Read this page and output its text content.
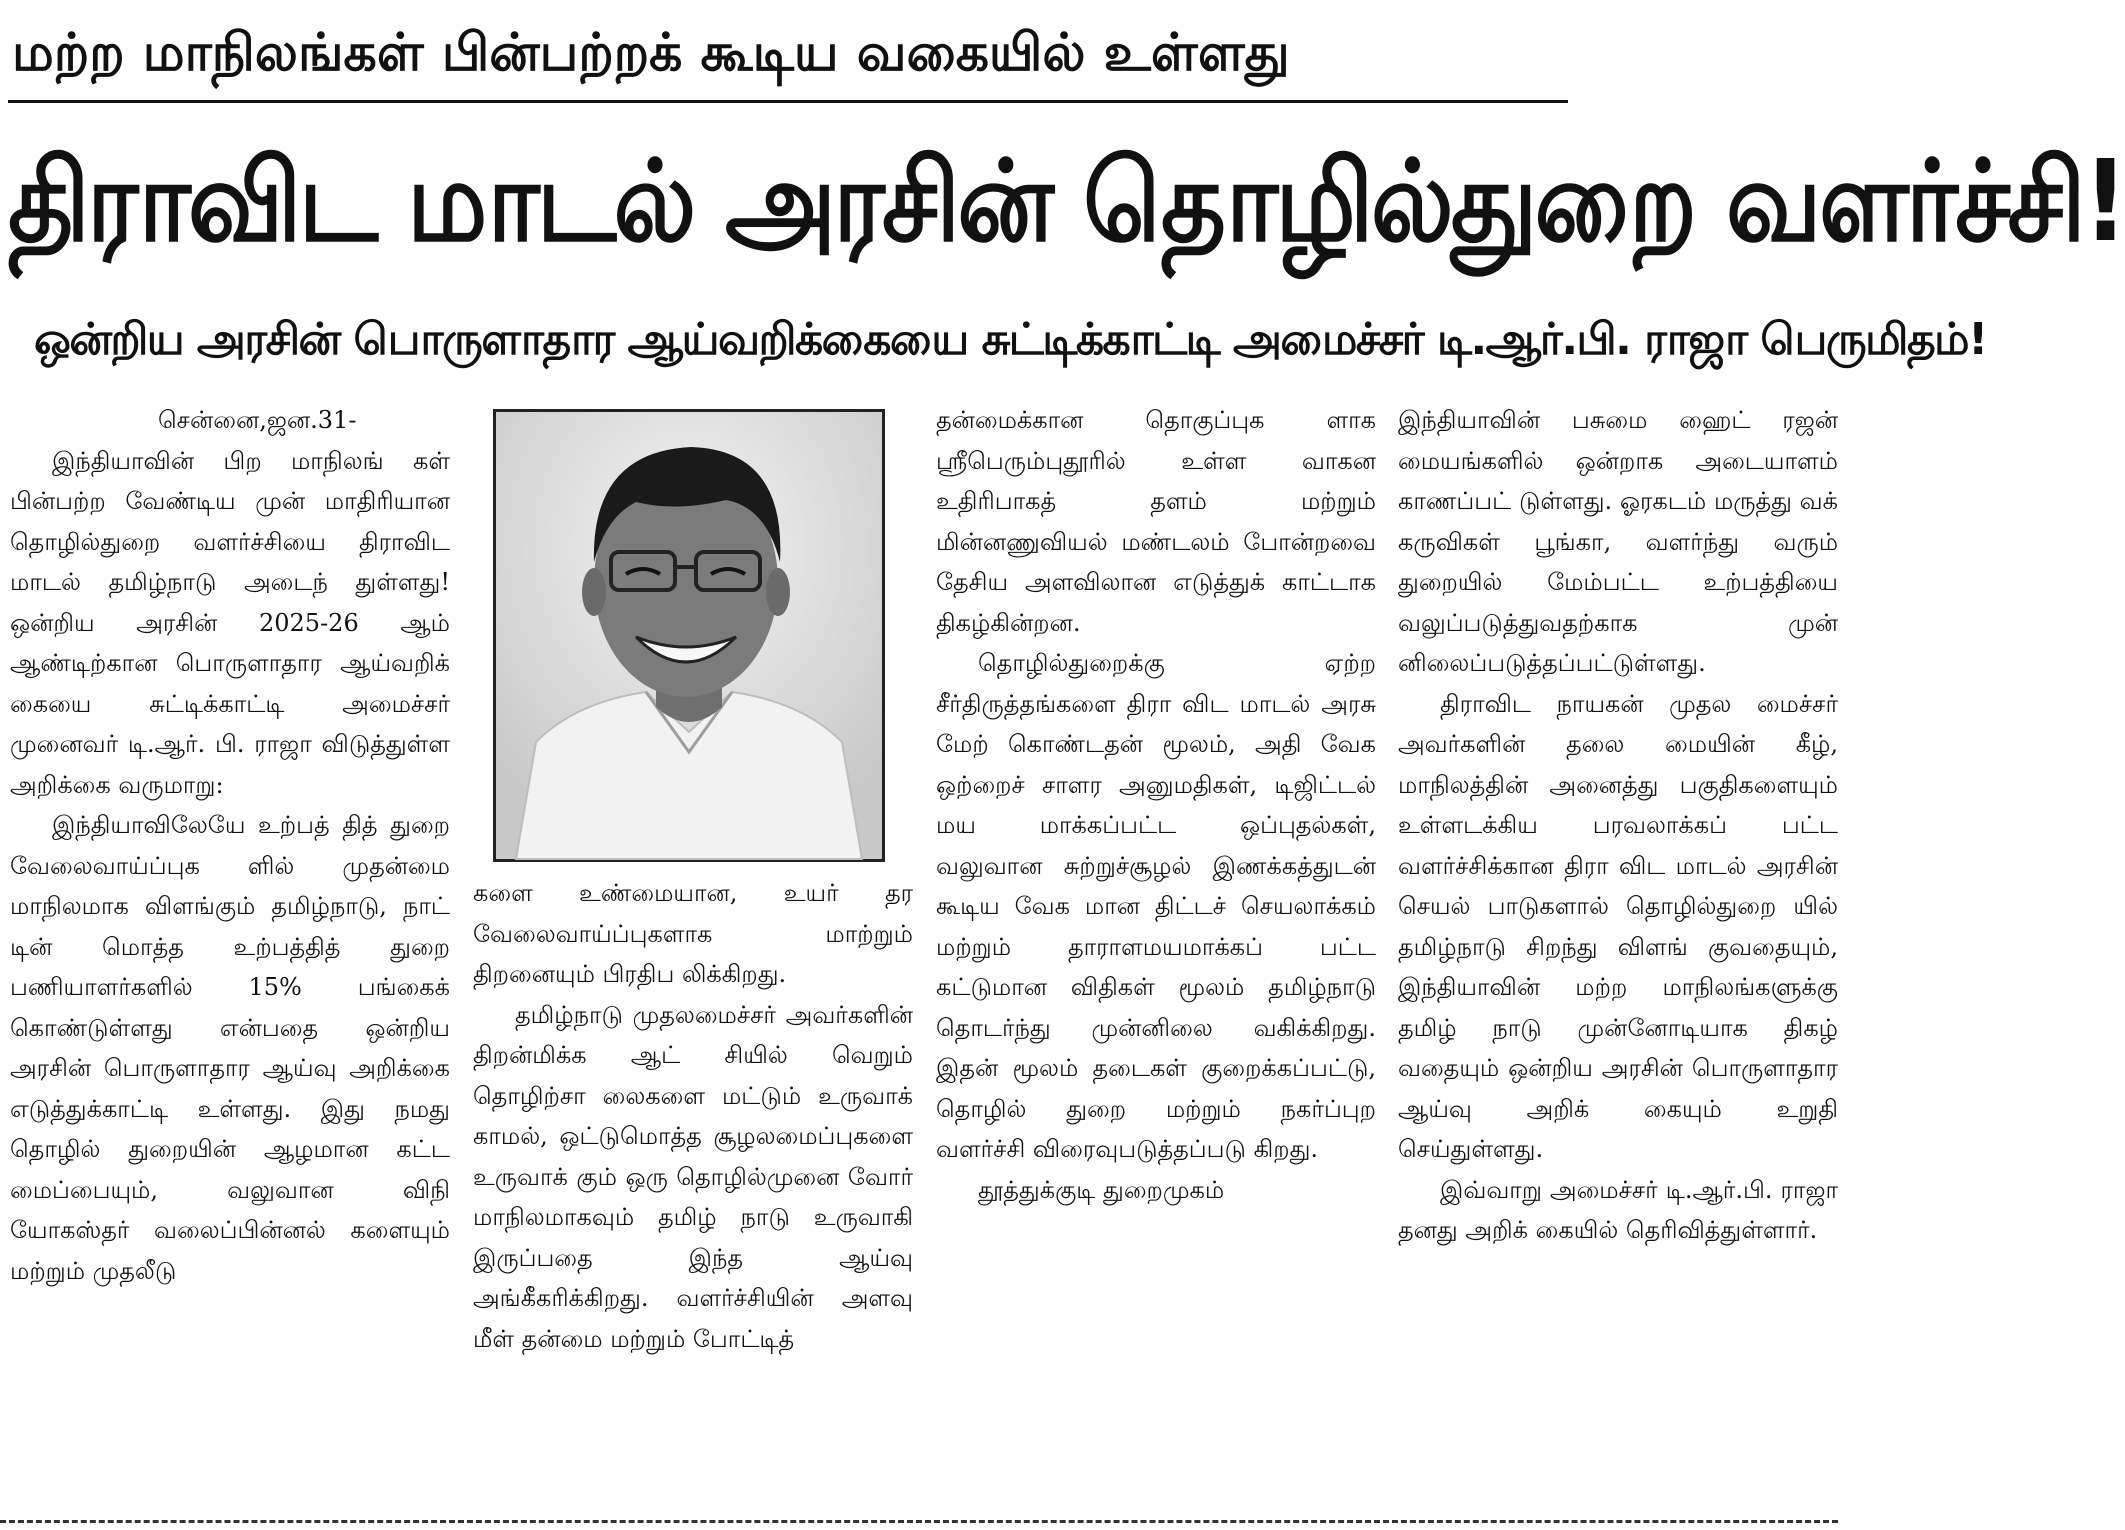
மற்ற மாநிலங்கள் பின்பற்றக் கூடிய வகையில் உள்ளது
திராவிட மாடல் அரசின் தொழில்துறை வளர்ச்சி!
ஒன்றிய அரசின் பொருளாதார ஆய்வறிக்கையை சுட்டிக்காட்டி அமைச்சர் டி.ஆர்.பி. ராஜா பெருமிதம்!

சென்னை,ஜன.31-

இந்தியாவின் பிற மாநிலங் கள் பின்பற்ற வேண்டிய முன் மாதிரியான தொழில்துறை வளர்ச்சியை திராவிட மாடல் தமிழ்நாடு அடைந் துள்ளது! ஒன்றிய அரசின் 2025-26 ஆம் ஆண்டிற்கான பொருளாதார ஆய்வறிக் கையை சுட்டிக்காட்டி அமைச்சர் முனைவர் டி.ஆர். பி. ராஜா விடுத்துள்ள அறிக்கை வருமாறு:

இந்தியாவிலேயே உற்பத் தித் துறை வேலைவாய்ப்புக ளில் முதன்மை மாநிலமாக விளங்கும் தமிழ்நாடு, நாட் டின் மொத்த உற்பத்தித் துறை பணியாளர்களில் 15% பங்கைக் கொண்டுள்ளது என்பதை ஒன்றிய அரசின் பொருளாதார ஆய்வு அறிக்கை எடுத்துக்காட்டி உள்ளது. இது நமது தொழில் துறையின் ஆழமான கட்ட மைப்பையும், வலுவான விநி யோகஸ்தர் வலைப்பின்னல் களையும் மற்றும் முதலீடு

களை உண்மையான, உயர் தர வேலைவாய்ப்புகளாக மாற்றும் திறனையும் பிரதிப லிக்கிறது.

தமிழ்நாடு முதலமைச்சர் அவர்களின் திறன்மிக்க ஆட் சியில் வெறும் தொழிற்சா லைகளை மட்டும் உருவாக் காமல், ஒட்டுமொத்த சூழலமைப்புகளை உருவாக் கும் ஒரு தொழில்முனை வோர் மாநிலமாகவும் தமிழ் நாடு உருவாகி இருப்பதை இந்த ஆய்வு அங்கீகரிக்கிறது. வளர்ச்சியின் அளவு மீள் தன்மை மற்றும் போட்டித்

தன்மைக்கான தொகுப்புக ளாக ஸ்ரீபெரும்புதூரில் உள்ள வாகன உதிரிபாகத் தளம் மற்றும் மின்னணுவியல் மண்டலம் போன்றவை தேசிய அளவிலான எடுத்துக் காட்டாக திகழ்கின்றன.

தொழில்துறைக்கு ஏற்ற சீர்திருத்தங்களை திரா விட மாடல் அரசு மேற் கொண்டதன் மூலம், அதி வேக ஒற்றைச் சாளர அனுமதிகள், டிஜிட்டல் மய மாக்கப்பட்ட ஒப்புதல்கள், வலுவான சுற்றுச்சூழல் இணக்கத்துடன் கூடிய வேக மான திட்டச் செயலாக்கம் மற்றும் தாராளமயமாக்கப் பட்ட கட்டுமான விதிகள் மூலம் தமிழ்நாடு தொடர்ந்து முன்னிலை வகிக்கிறது. இதன் மூலம் தடைகள் குறைக்கப்பட்டு, தொழில் துறை மற்றும் நகர்ப்புற வளர்ச்சி விரைவுபடுத்தப்படு கிறது.

தூத்துக்குடி துறைமுகம்

இந்தியாவின் பசுமை ஹைட் ரஜன் மையங்களில் ஒன்றாக அடையாளம் காணப்பட் டுள்ளது. ஓரகடம் மருத்து வக் கருவிகள் பூங்கா, வளர்ந்து வரும் துறையில் மேம்பட்ட உற்பத்தியை வலுப்படுத்துவதற்காக முன் னிலைப்படுத்தப்பட்டுள்ளது.

திராவிட நாயகன் முதல மைச்சர் அவர்களின் தலை மையின் கீழ், மாநிலத்தின் அனைத்து பகுதிகளையும் உள்ளடக்கிய பரவலாக்கப் பட்ட வளர்ச்சிக்கான திரா விட மாடல் அரசின் செயல் பாடுகளால் தொழில்துறை யில் தமிழ்நாடு சிறந்து விளங் குவதையும், இந்தியாவின் மற்ற மாநிலங்களுக்கு தமிழ் நாடு முன்னோடியாக திகழ் வதையும் ஒன்றிய அரசின் பொருளாதார ஆய்வு அறிக் கையும் உறுதி செய்துள்ளது.

இவ்வாறு அமைச்சர் டி.ஆர்.பி. ராஜா தனது அறிக் கையில் தெரிவித்துள்ளார்.
